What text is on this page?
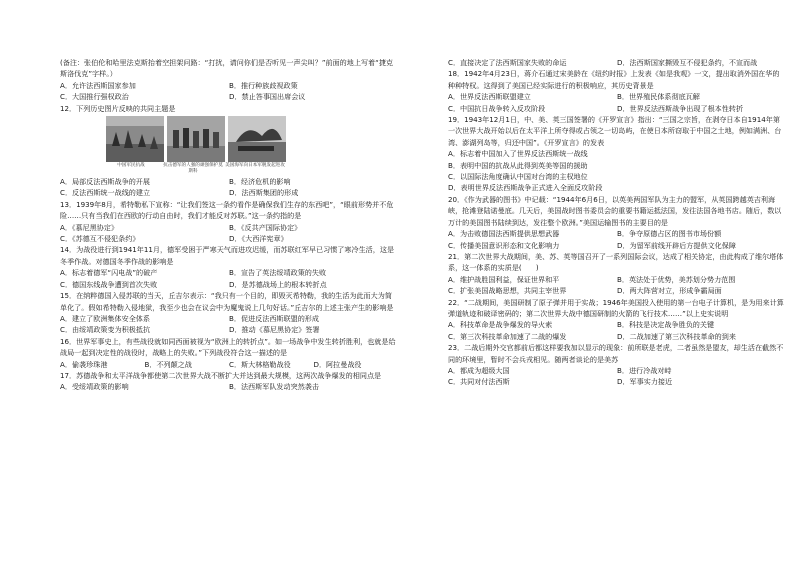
(备注：张伯伦和哈里法克斯抬着空担架问路：“打扰，请问你们是否听见一声尖叫？”前面的地上写着“捷克斯洛伐克”字样。）

A．允许法西斯国家参加	B．推行种族歧视政策
C．大国推行强权政治	D．禁止答事国出席会议

12．下列历史图片反映的共同主题是

中国军民抗战	抗击德军的人强的顽强保护莫斯科
美国海军向日本军舰发起进攻
A．局部反法西斯战争的开展	B．经济危机的影响
C．反法西斯统一战线的建立	D．法西斯集团的形成

13．1939年8月，希特勒私下宣称：“让我们签这一条约看作是确保我们生存的东西吧”，“眼前形势并不危险……只有当我们在西欧的行动自由时，我们才能反对苏联。”这一条约指的是

A．《慕尼黑协定》	B．《反共产国际协定》
C．《苏德互不侵犯条约》	D．《大西洋宪章》

14．为战役进行到1941年11月，德军受困于严寒天气而进攻迟缓，而苏联红军早已习惯了寒冷生活，这是冬季作战。对德国冬季作战的影响是

A．标志着德军“闪电战”的破产	B．宣告了英法绥靖政策的失败
C．德国东线战争遭到首次失败	D．是苏德战场上的根本转折点

15．在纳粹德国入侵苏联的当天，丘吉尔表示：“我只有一个目的，即毁灭希特勒，我的生活为此而大为简单化了。假如希特勒入侵地狱，我至少也会在议会中为魔鬼说上几句好话。”丘吉尔的上述主张产生的影响是

A．建立了欧洲集体安全体系	B．促进反法西斯联盟的形成
C．由绥靖政策变为积极抵抗	D．推动《慕尼黑协定》签署

16．世界军事史上，有些战役就如同西面被视为“欧洲上的转折点”。如一场战争中发生转折胜利，也就是给战局一起到决定性的战役时，战略上的失败。”下列战役符合这一描述的是

A．偷袭珍珠港	B．不列颠之战	C．斯大林格勒战役	D．阿拉曼战役

17．苏德战争和太平洋战争都使第二次世界大战不断扩大并达到最大规模，这两次战争爆发的相同点是

A．受绥靖政策的影响	B．法西斯军队发动突然袭击
C．直接决定了法西斯国家失败的命运	D．法西斯国家撕毁互不侵犯条约，不宣而战

18．1942年4月23日，蒋介石通过宋美龄在《纽约时报》上发表《如是我观》一文，提出取消外国在华的种种特权。这得到了美国已经实际进行的积极响应，其历史背景是

A．世界反法西斯联盟建立	B．世界殖民体系彻底瓦解
C．中国抗日战争转入反攻阶段	D．世界反法西斯战争出现了根本性转折

19．1943年12月1日，中、美、英三国签署的《开罗宣言》指出：“三国之宗旨，在剥夺日本自1914年第一次世界大战开始以后在太平洋上所夺得或占领之一切岛屿，在使日本所窃取于中国之土地，例如满洲、台湾、澎湖列岛等，归还中国”。《开罗宣言》的发表

A．标志着中国加入了世界反法西斯统一战线
B．表明中国的抗战从此得到英美等国的援助
C．以国际法角度确认中国对台湾的主权地位
D．表明世界反法西斯战争正式进入全面反攻阶段

20．《作为武器的图书》中记载：“1944年6月6日，以英美两国军队为主力的盟军，从英国跨越英吉利海峡，抢滩登陆诺曼底。几天后，美国战时图书委员会的重要书籍运抵法国，发往法国各地书店。随后，数以万计的美国图书陆续到达，发往整个欧洲。”美国运输图书的主要目的是

A．为击败德国法西斯提供思想武器	B．争夺原德占区的图书市场份额
C．传播美国意识形态和文化影响力	D．为留军前线开辟后方提供文化保障

21．第二次世界大战期间，美、苏、英等国召开了一系列国际会议，达成了相关协定，由此构成了维尔塔体系，这一体系的实质是(　　)

A．维护战胜国利益，保证世界和平	B．英法处于优势，美苏划分势力范围
C．扩张美国战略思想，共同主宰世界	D．两大阵营对立，形成争霸局面

22．“二战期间，美国研制了原子弹并用于实战；1946年美国投入使用的第一台电子计算机，是为用来计算弹道轨迹和破译密码的；第二次世界大战中德国研制的火箭的飞行技术……”以上史实说明

A．科技革命是战争爆发的导火索	B．科技是决定战争胜负的关键
C．第三次科技革命加速了二战的爆发	D．二战加速了第三次科技革命的到来

23．二战后期外交官都前后都这样要我加以显示的现象：前所联是老虎，二者虽然是盟友，却生活在截然不同的环境里，暂时不会兵戎相见。随两者谈论的是美苏

A．都成为超级大国	B．进行冷战对峙
C．共同对付法西斯	D．军事实力接近
